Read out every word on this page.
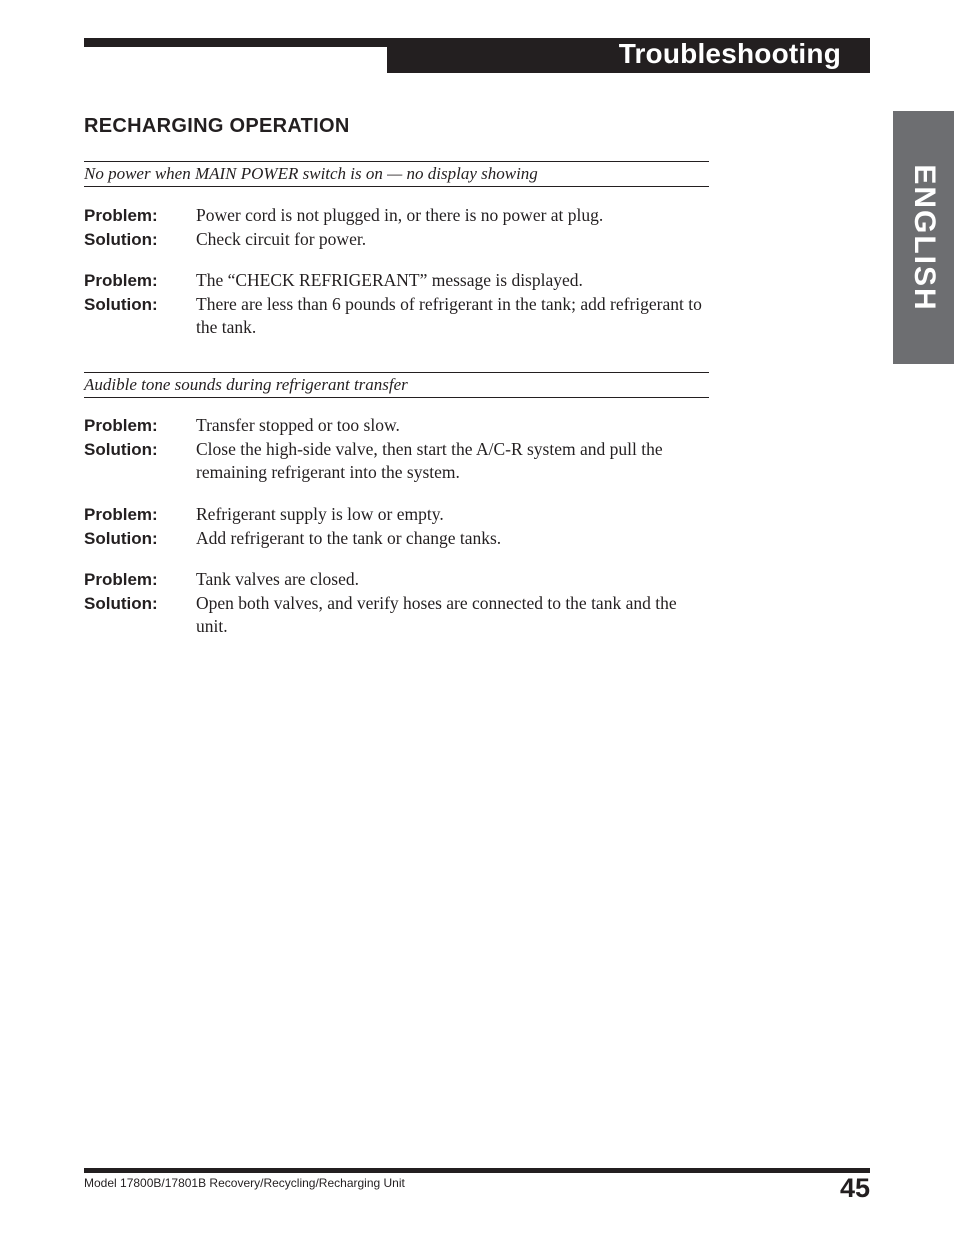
Troubleshooting
ENGLISH
RECHARGING OPERATION
No power when MAIN POWER switch is on — no display showing
Problem:	Power cord is not plugged in, or there is no power at plug.
Solution:	Check circuit for power.
Problem:	The “CHECK REFRIGERANT” message is displayed.
Solution:	There are less than 6 pounds of refrigerant in the tank; add refrigerant to the tank.
Audible tone sounds during refrigerant transfer
Problem:	Transfer stopped or too slow.
Solution:	Close the high-side valve, then start the A/C-R system and pull the remaining refrigerant into the system.
Problem:	Refrigerant supply is low or empty.
Solution:	Add refrigerant to the tank or change tanks.
Problem:	Tank valves are closed.
Solution:	Open both valves, and verify hoses are connected to the tank and the unit.
Model 17800B/17801B Recovery/Recycling/Recharging Unit	45
